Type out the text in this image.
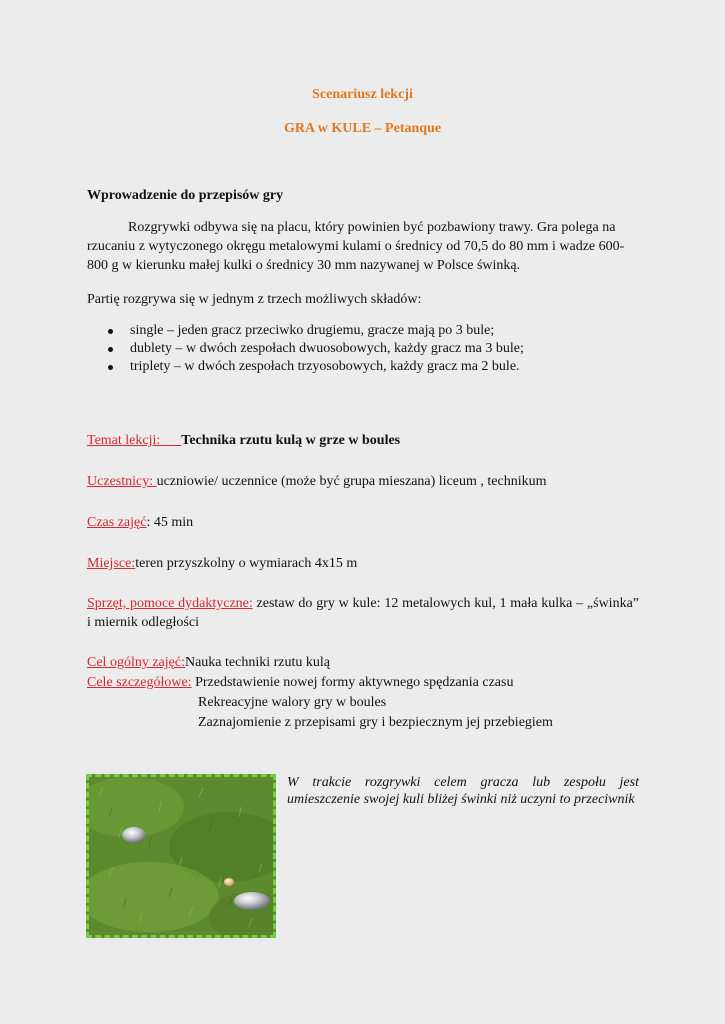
Scenariusz lekcji
GRA w KULE – Petanque
Wprowadzenie do przepisów gry
Rozgrywki odbywa się na placu, który powinien być pozbawiony trawy. Gra polega na rzucaniu z wytyczonego okręgu metalowymi kulami o średnicy od 70,5 do 80 mm i wadze 600-800 g w kierunku małej kulki o średnicy 30 mm nazywanej w Polsce świnką.
Partię rozgrywa się w jednym z trzech możliwych składów:
single – jeden gracz przeciwko drugiemu, gracze mają po 3 bule;
dublety – w dwóch zespołach dwuosobowych, każdy gracz ma 3 bule;
triplety – w dwóch zespołach trzyosobowych, każdy gracz ma 2 bule.
Temat lekcji: Technika rzutu kulą w grze w boules
Uczestnicy: uczniowie/ uczennice (może być grupa mieszana) liceum , technikum
Czas zajęć: 45 min
Miejsce:teren przyszkolny o wymiarach 4x15 m
Sprzęt, pomoce dydaktyczne: zestaw do gry w kule: 12 metalowych kul, 1 mała kulka – „świnka” i miernik odległości
Cel ogólny zajęć:Nauka techniki rzutu kulą
Cele szczegółowe: Przedstawienie nowej formy aktywnego spędzania czasu
Rekreacyjne walory gry w boules
Zaznajomienie z przepisami gry i bezpiecznym jej przebiegiem
W trakcie rozgrywki celem gracza lub zespołu jest umieszczenie swojej kuli bliżej świnki niż uczyni to przeciwnik
